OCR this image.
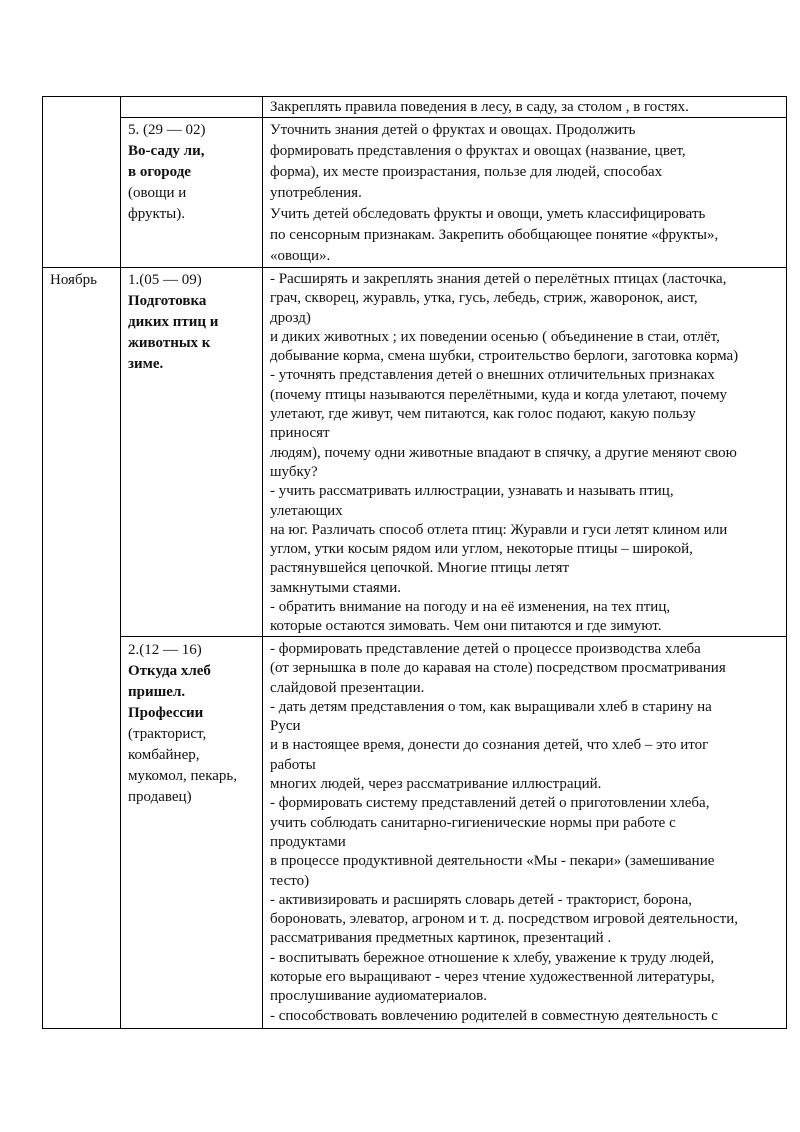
Закреплять правила поведения в лесу, в саду, за столом , в гостях.
5. (29 — 02)
Во-саду ли,
в огороде
(овощи и
фрукты).
Уточнить знания детей о фруктах и овощах. Продолжить
формировать представления о фруктах и овощах (название, цвет,
форма), их месте произрастания, пользе для людей, способах
употребления.
Учить детей обследовать фрукты и овощи, уметь классифицировать
по сенсорным признакам. Закрепить обобщающее понятие «фрукты»,
«овощи».
Ноябрь	1.(05 — 09)
Подготовка
диких птиц и
животных к
зиме.
- Расширять и закреплять знания детей о перелётных птицах (ласточка,
грач, скворец, журавль, утка, гусь, лебедь, стриж, жаворонок, аист,
дрозд)
и диких животных ; их поведении осенью ( объединение в стаи, отлёт,
добывание корма, смена шубки, строительство берлоги, заготовка корма)
- уточнять представления детей о внешних отличительных признаках
(почему птицы называются перелётными, куда и когда улетают, почему
улетают, где живут, чем питаются, как голос подают, какую пользу
приносят
людям), почему одни животные впадают в спячку, а другие меняют свою
шубку?
- учить рассматривать иллюстрации, узнавать и называть птиц,
улетающих
на юг. Различать способ отлета птиц: Журавли и гуси летят клином или
углом, утки косым рядом или углом, некоторые птицы – широкой,
растянувшейся цепочкой. Многие птицы летят
замкнутыми стаями.
- обратить внимание на погоду и на её изменения, на тех птиц,
которые остаются зимовать. Чем они питаются и где зимуют.
2.(12 — 16)
Откуда хлеб
пришел.
Профессии
(тракторист,
комбайнер,
мукомол, пекарь,
продавец)
- формировать представление детей о процессе производства хлеба
(от зернышка в поле до каравая на столе) посредством просматривания
слайдовой презентации.
- дать детям представления о том, как выращивали хлеб в старину на
Руси
и в настоящее время, донести до сознания детей, что хлеб – это итог
работы
многих людей, через рассматривание иллюстраций.
- формировать систему представлений детей о приготовлении хлеба,
учить соблюдать санитарно-гигиенические нормы при работе с
продуктами
в процессе продуктивной деятельности «Мы - пекари» (замешивание
тесто)
- активизировать и расширять словарь детей - тракторист, борона,
бороновать, элеватор, агроном и т. д. посредством игровой деятельности,
рассматривания предметных картинок, презентаций .
- воспитывать бережное отношение к хлебу, уважение к труду людей,
которые его выращивают - через чтение художественной литературы,
прослушивание аудиоматериалов.
- способствовать вовлечению родителей в совместную деятельность с
